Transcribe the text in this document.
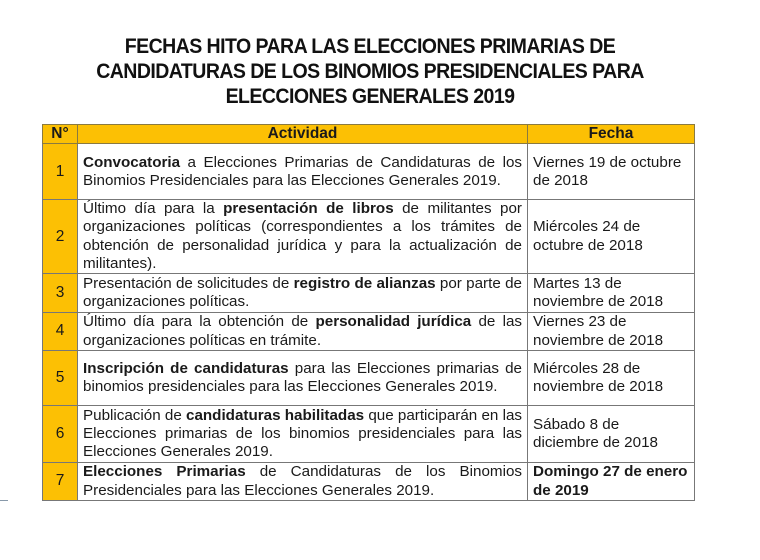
FECHAS HITO PARA LAS ELECCIONES PRIMARIAS DE
CANDIDATURAS DE LOS BINOMIOS PRESIDENCIALES PARA
ELECCIONES GENERALES 2019
N°	Actividad	Fecha
1	Convocatoria a Elecciones Primarias de Candidaturas de los Binomios Presidenciales para las Elecciones Generales 2019.	Viernes 19 de octubre de 2018
2	Último día para la presentación de libros de militantes por organizaciones políticas (correspondientes a los trámites de obtención de personalidad jurídica y para la actualización de militantes).	Miércoles 24 de octubre de 2018
3	Presentación de solicitudes de registro de alianzas por parte de organizaciones políticas.	Martes 13 de noviembre de 2018
4	Último día para la obtención de personalidad jurídica de las organizaciones políticas en trámite.	Viernes 23 de noviembre de 2018
5	Inscripción de candidaturas para las Elecciones primarias de binomios presidenciales para las Elecciones Generales 2019.	Miércoles 28 de noviembre de 2018
6	Publicación de candidaturas habilitadas que participarán en las Elecciones primarias de los binomios presidenciales para las Elecciones Generales 2019.	Sábado 8 de diciembre de 2018
7	Elecciones Primarias de Candidaturas de los Binomios Presidenciales para las Elecciones Generales 2019.	Domingo 27 de enero de 2019
